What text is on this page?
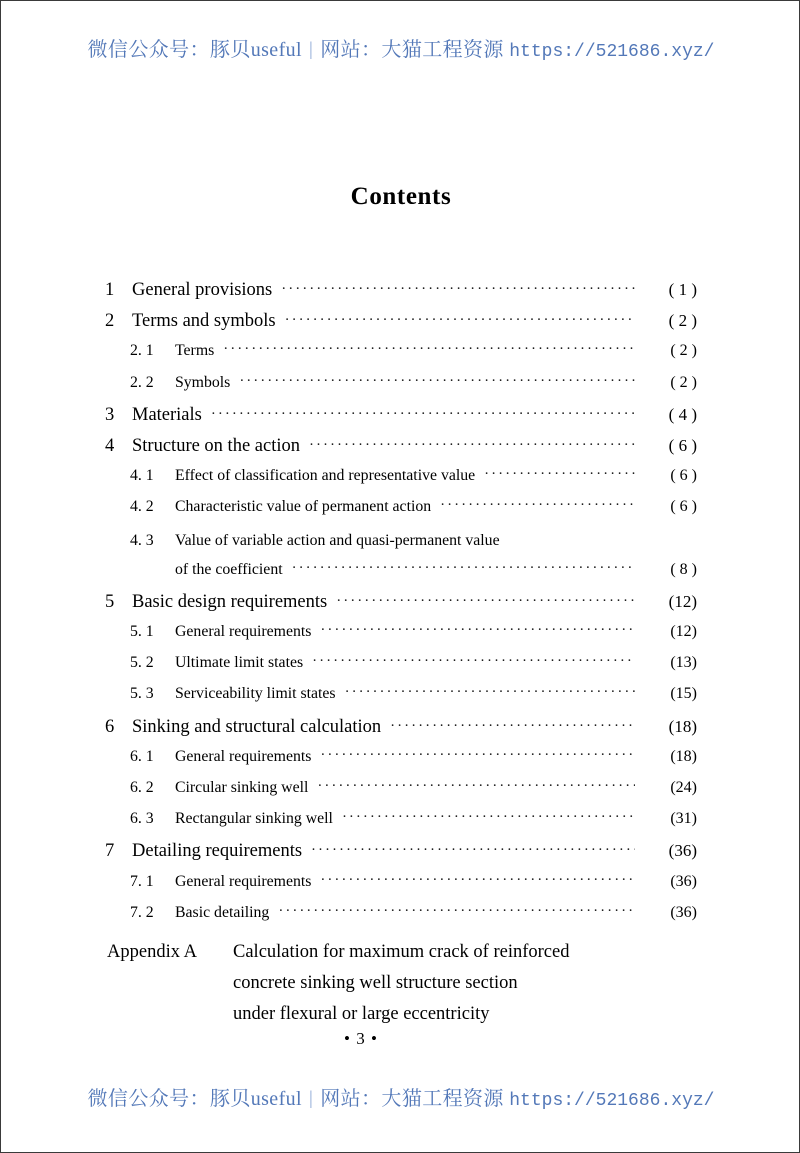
微信公众号：豚贝useful | 网站：大猫工程资源 https://521686.xyz/
Contents
1 General provisions ·····	( 1 )
2 Terms and symbols ·····	( 2 )
2. 1	Terms ·····	( 2 )
2. 2	Symbols ·····	( 2 )
3 Materials ·····	( 4 )
4 Structure on the action ·····	( 6 )
4. 1	Effect of classification and representative value ·····	( 6 )
4. 2	Characteristic value of permanent action ·····	( 6 )
4. 3	Value of variable action and quasi-permanent value
of the coefficient ·····	( 8 )
5 Basic design requirements ·····	(12)
5. 1	General requirements ·····	(12)
5. 2	Ultimate limit states ·····	(13)
5. 3	Serviceability limit states ·····	(15)
6 Sinking and structural calculation ·····	(18)
6. 1	General requirements ·····	(18)
6. 2	Circular sinking well ·····	(24)
6. 3	Rectangular sinking well ·····	(31)
7 Detailing requirements ·····	(36)
7. 1	General requirements ·····	(36)
7. 2	Basic detailing ·····	(36)
Appendix A	Calculation for maximum crack of reinforced
concrete sinking well structure section
under flexural or large eccentricity
• 3 •
微信公众号：豚贝useful | 网站：大猫工程资源 https://521686.xyz/
